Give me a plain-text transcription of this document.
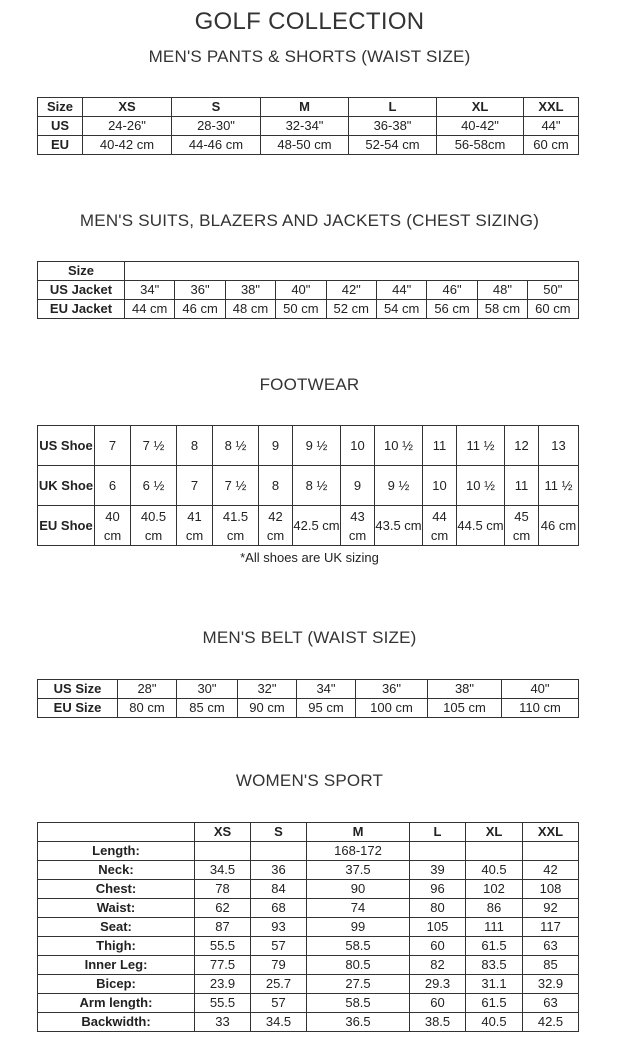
GOLF COLLECTION
MEN'S PANTS & SHORTS (WAIST SIZE)
Size	XS	S	M	L	XL	XXL
US	24-26"	28-30"	32-34"	36-38"	40-42"	44"
EU	40-42 cm	44-46 cm	48-50 cm	52-54 cm	56-58cm	60 cm
MEN'S SUITS, BLAZERS AND JACKETS (CHEST SIZING)
Size									
US Jacket	34"	36"	38"	40"	42"	44"	46"	48"	50"
EU Jacket	44 cm	46 cm	48 cm	50 cm	52 cm	54 cm	56 cm	58 cm	60 cm
FOOTWEAR
US Shoe	7	7 ½	8	8 ½	9	9 ½	10	10 ½	11	11 ½	12	13
UK Shoe	6	6 ½	7	7 ½	8	8 ½	9	9 ½	10	10 ½	11	11 ½
EU Shoe	40 cm	40.5 cm	41 cm	41.5 cm	42 cm	42.5 cm	43 cm	43.5 cm	44 cm	44.5 cm	45 cm	46 cm
*All shoes are UK sizing
MEN'S BELT (WAIST SIZE)
US Size	28"	30"	32"	34"	36"	38"	40"
EU Size	80 cm	85 cm	90 cm	95 cm	100 cm	105 cm	110 cm
WOMEN'S SPORT
	XS	S	M	L	XL	XXL
Length:			168-172			
Neck:	34.5	36	37.5	39	40.5	42
Chest:	78	84	90	96	102	108
Waist:	62	68	74	80	86	92
Seat:	87	93	99	105	111	117
Thigh:	55.5	57	58.5	60	61.5	63
Inner Leg:	77.5	79	80.5	82	83.5	85
Bicep:	23.9	25.7	27.5	29.3	31.1	32.9
Arm length:	55.5	57	58.5	60	61.5	63
Backwidth:	33	34.5	36.5	38.5	40.5	42.5
